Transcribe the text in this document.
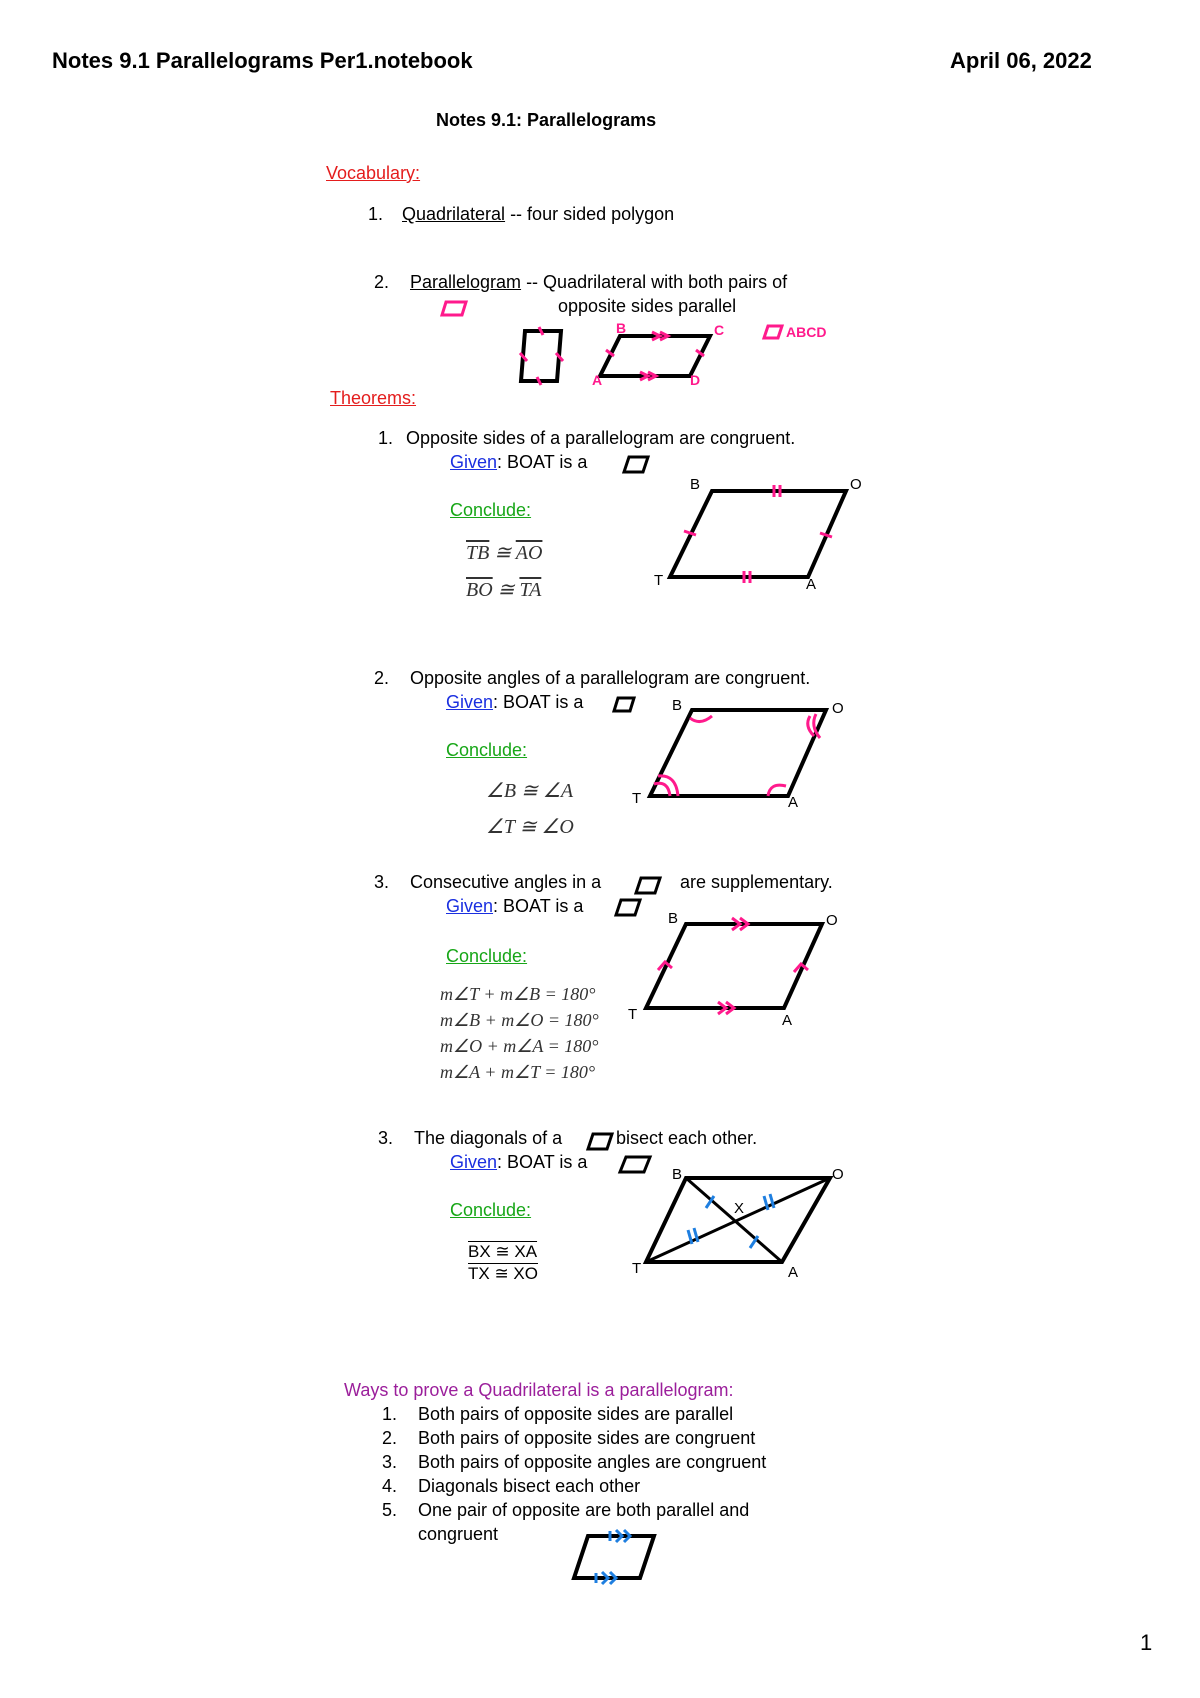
Notes 9.1 Parallelograms Per1.notebook	April 06, 2022
Notes 9.1: Parallelograms
Vocabulary:
1. Quadrilateral -- four sided polygon
2. Parallelogram -- Quadrilateral with both pairs of
opposite sides parallel
B	C
A	D
ABCD
Theorems:
1. Opposite sides of a parallelogram are congruent.
Given: BOAT is a
Conclude:
$\overline{TB}$ ≅ $\overline{AO}$
$\overline{BO}$ ≅ $\overline{TA}$
B	O
T	A
2. Opposite angles of a parallelogram are congruent.
Given: BOAT is a
Conclude:
∠B ≅ ∠A
∠T ≅ ∠O
B	O
T	A
3. Consecutive angles in a	are supplementary.
Given: BOAT is a
Conclude:
m∠T + m∠B = 180°
m∠B + m∠O = 180°
m∠O + m∠A = 180°
m∠A + m∠T = 180°
B	O
T	A
3. The diagonals of a	bisect each other.
Given: BOAT is a
Conclude:
BX ≅ XA
TX ≅ XO
B	O
T	A
X
Ways to prove a Quadrilateral is a parallelogram:
1. Both pairs of opposite sides are parallel
2. Both pairs of opposite sides are congruent
3. Both pairs of opposite angles are congruent
4. Diagonals bisect each other
5. One pair of opposite are both parallel and
congruent
1
